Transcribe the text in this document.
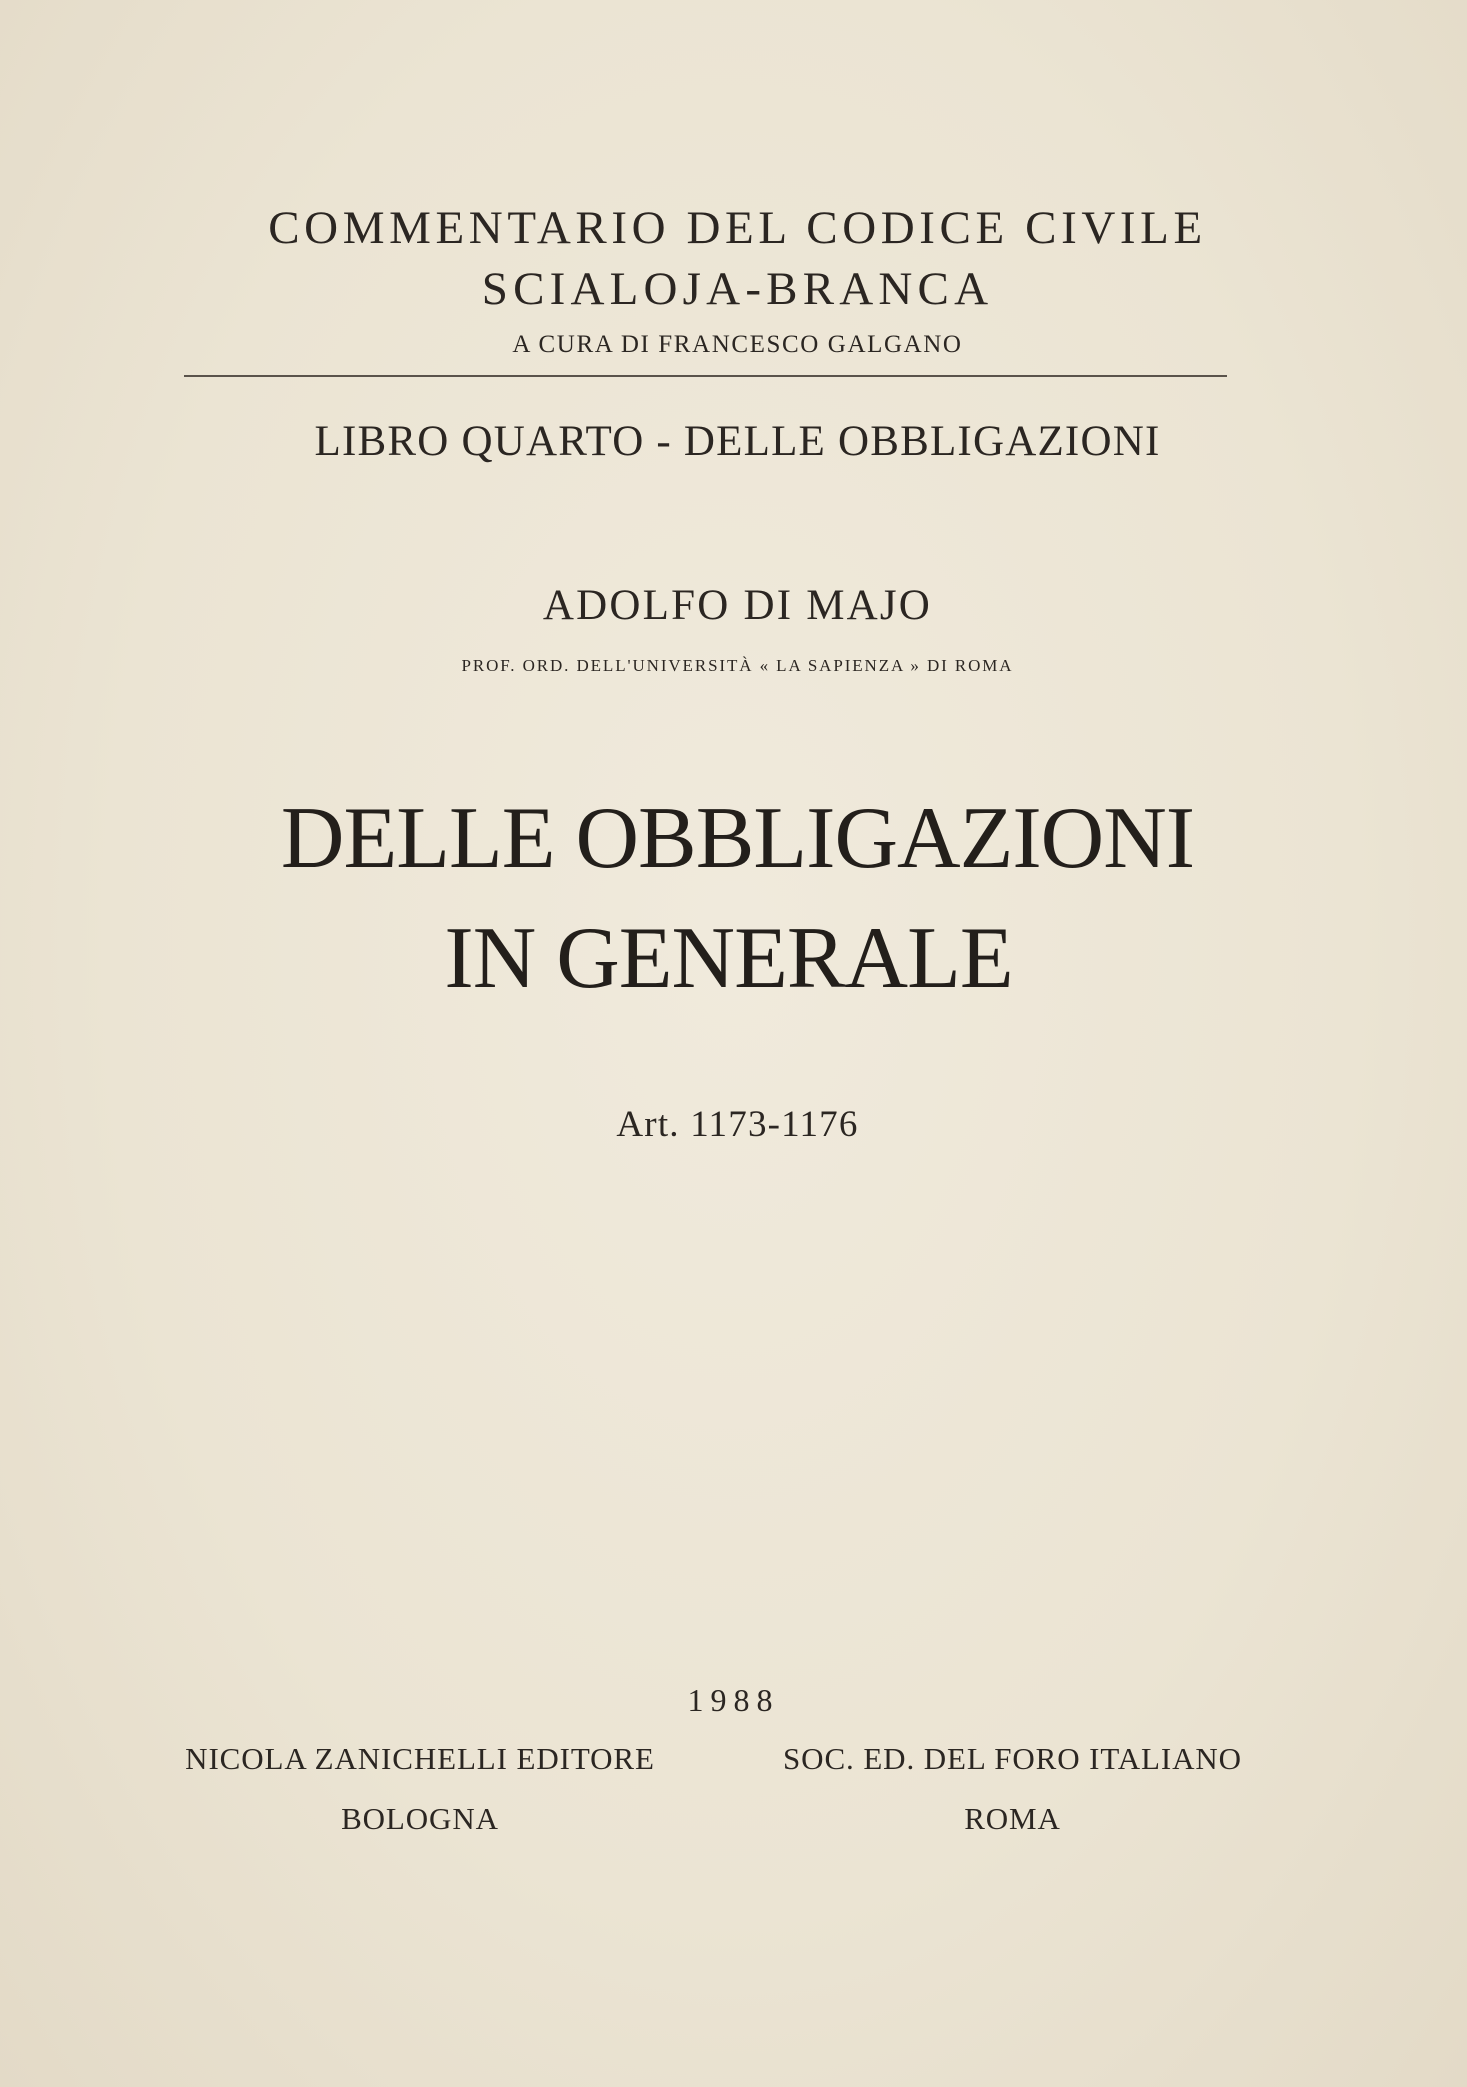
COMMENTARIO DEL CODICE CIVILE
SCIALOJA-BRANCA
A CURA DI FRANCESCO GALGANO
LIBRO QUARTO - DELLE OBBLIGAZIONI
ADOLFO DI MAJO
PROF. ORD. DELL'UNIVERSITÀ « LA SAPIENZA » DI ROMA
DELLE OBBLIGAZIONI
IN GENERALE
Art. 1173-1176
1988
NICOLA ZANICHELLI EDITORE	SOC. ED. DEL FORO ITALIANO
BOLOGNA	ROMA
